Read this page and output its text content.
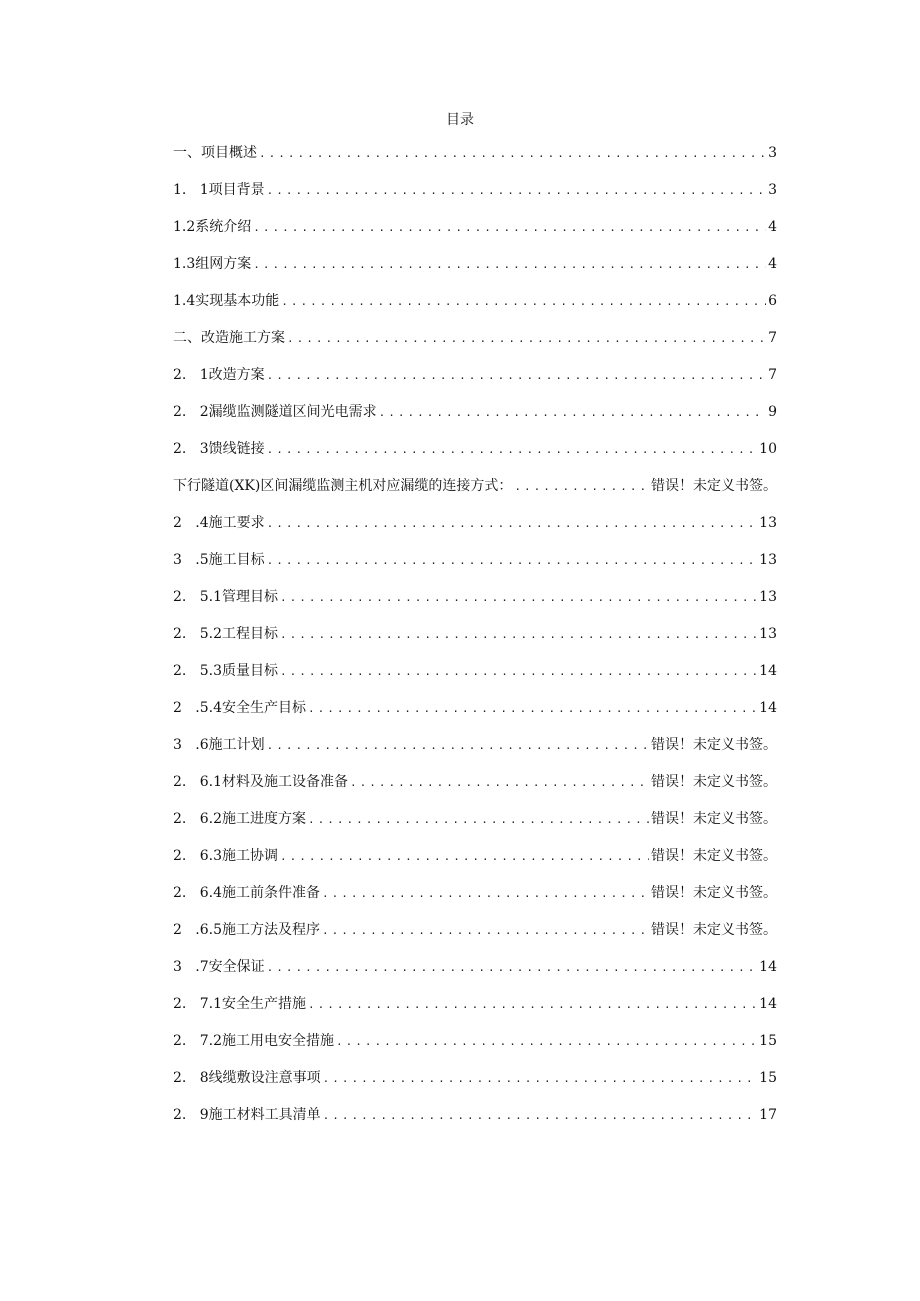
目录
一、项目概述 .....	3
1. 1项目背景 .....	3
1.2系统介绍 .....	4
1.3组网方案 .....	4
1.4实现基本功能 .....	6
二、改造施工方案 .....	7
2. 1改造方案 .....	7
2. 2漏缆监测隧道区间光电需求 .....	9
2. 3馈线链接 .....	10
下行隧道(XK)区间漏缆监测主机对应漏缆的连接方式： .....	错误！未定义书签。
2 .4施工要求 .....	13
3 .5施工目标 .....	13
2. 5.1管理目标 .....	13
2. 5.2工程目标 .....	13
2. 5.3质量目标 .....	14
2 .5.4安全生产目标 .....	14
3 .6施工计划 .....	错误！未定义书签。
2. 6.1材料及施工设备准备 .....	错误！未定义书签。
2. 6.2施工进度方案 .....	错误！未定义书签。
2. 6.3施工协调 .....	错误！未定义书签。
2. 6.4施工前条件准备 .....	错误！未定义书签。
2 .6.5施工方法及程序 .....	错误！未定义书签。
3 .7安全保证 .....	14
2. 7.1安全生产措施 .....	14
2. 7.2施工用电安全措施 .....	15
2. 8线缆敷设注意事项 .....	15
2. 9施工材料工具清单 .....	17
